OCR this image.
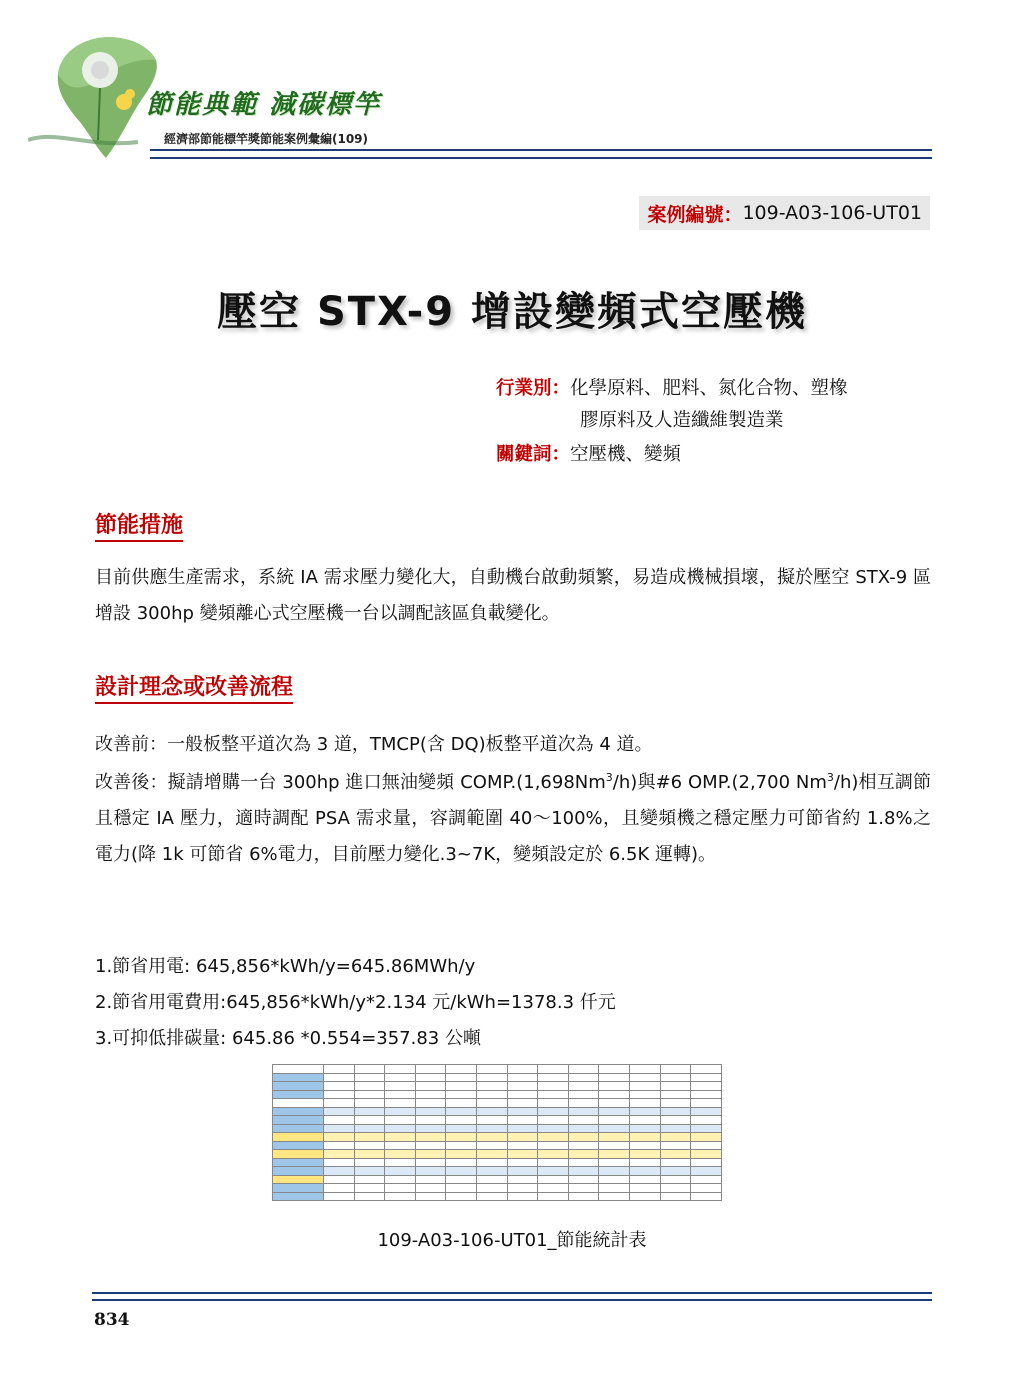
節能典範 減碳標竿
經濟部節能標竿獎節能案例彙編(109)
案例編號： 109-A03-106-UT01
壓空 STX-9 增設變頻式空壓機
行業別：化學原料、肥料、氮化合物、塑橡
膠原料及人造纖維製造業
關鍵詞：空壓機、變頻
節能措施
目前供應生產需求，系統 IA 需求壓力變化大，自動機台啟動頻繁，易造成機械損壞，擬於壓空 STX-9 區增設 300hp 變頻離心式空壓機一台以調配該區負載變化。
設計理念或改善流程
改善前：一般板整平道次為 3 道，TMCP(含 DQ)板整平道次為 4 道。
改善後：擬請增購一台 300hp 進口無油變頻 COMP.(1,698Nm$^3$/h)與#6 OMP.(2,700 Nm$^3$/h)相互調節且穩定 IA 壓力，適時調配 PSA 需求量，容調範圍 40～100%，且變頻機之穩定壓力可節省約 1.8%之電力(降 1k 可節省 6%電力，目前壓力變化.3~7K，變頻設定於 6.5K 運轉)。
1.節省用電: 645,856*kWh/y=645.86MWh/y
2.節省用電費用:645,856*kWh/y*2.134 元/kWh=1378.3 仟元
3.可抑低排碳量: 645.86 *0.554=357.83 公噸

109-A03-106-UT01_節能統計表
834
